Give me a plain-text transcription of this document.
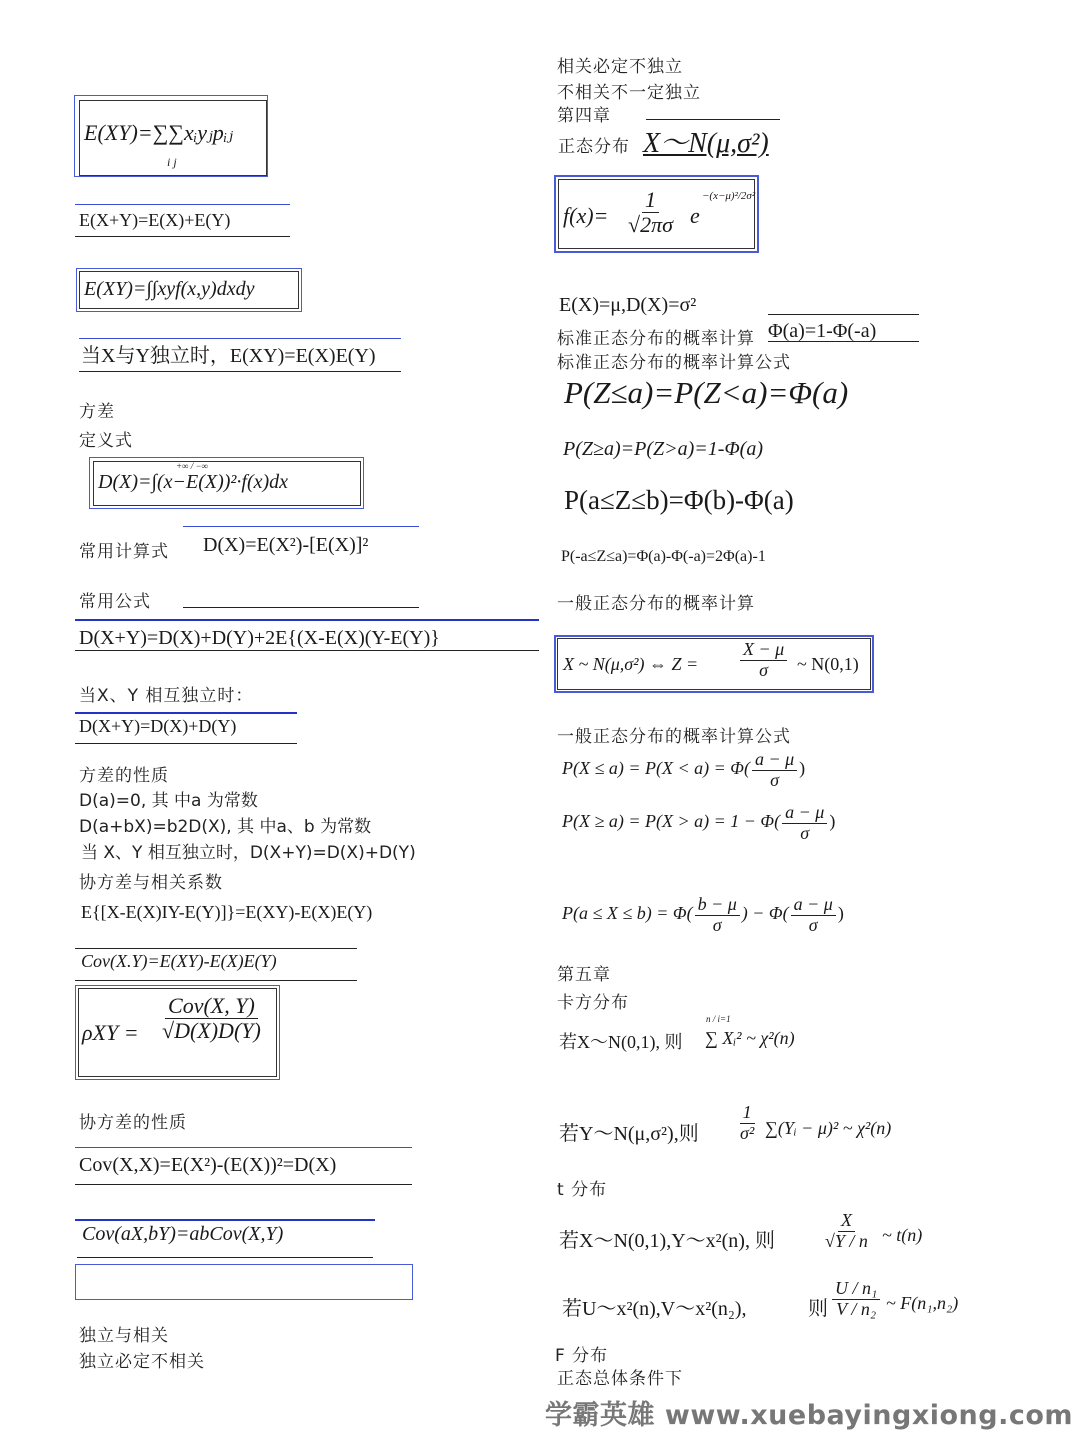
E(XY)=∑∑xᵢyⱼpᵢⱼ
i j
E(X+Y)=E(X)+E(Y)
E(XY)=∫∫xyf(x,y)dxdy
当X与Y独立时，E(XY)=E(X)E(Y)
方差
定义式
D(X)=∫(x−E(X))²·f(x)dx
+∞ / −∞
常用计算式 D(X)=E(X²)-[E(X)]²
常用公式
D(X+Y)=D(X)+D(Y)+2E{(X-E(X)(Y-E(Y)}
当X、Y 相互独立时：
D(X+Y)=D(X)+D(Y)
方差的性质
D(a)=0, 其 中a 为常数
D(a+bX)=b2D(X), 其 中a、b 为常数
当 X、Y 相互独立时，D(X+Y)=D(X)+D(Y)
协方差与相关系数
E{[X-E(X)IY-E(Y)]}=E(XY)-E(X)E(Y)
Cov(X.Y)=E(XY)-E(X)E(Y)
$\rho XY = \frac{\text{Cov(X, Y)}}{√D(X)D(Y)}$
协方差的性质
Cov(X,X)=E(X²)-(E(X))²=D(X)
Cov(aX,bY)=abCov(X,Y)
独立与相关
独立必定不相关
相关必定不独立
不相关不一定独立
第四章
正态分布 X～N(μ,σ²)
$f(x)= \frac{1}{√2\pi\sigma}$ e
−(x−μ)²/2σ²
E(X)=μ,D(X)=σ²
标准正态分布的概率计算 Φ(a)=1-Φ(-a)
标准正态分布的概率计算公式
P(Z≤a)=P(Z<a)=Φ(a)
P(Z≥a)=P(Z>a)=1-Φ(a)
P(a≤Z≤b)=Φ(b)-Φ(a)
P(-a≤Z≤a)=Φ(a)-Φ(-a)=2Φ(a)-1
一般正态分布的概率计算
X ~ N(μ,σ²) ⇔ $Z = \frac{X - \mu}{\sigma}$ ~ N(0,1)
一般正态分布的概率计算公式
$P(X \le a) = P(X < a) = \Phi( \frac{a - \mu}{\sigma}$ )
$P(X \ge a) = P(X > a) = 1 - \Phi( \frac{a - \mu}{\sigma}$ )
$P(a \le X \le b) = \Phi( \frac{b - \mu}{\sigma}$ ) − $\Phi( \frac{a - \mu}{\sigma}$ )
第五章
卡方分布
若X～N(0,1), 则 ∑ Xᵢ² ~ χ²(n)
n / i=1
若Y～N(μ,σ²),则 $\frac{1}{\text{σ²}}$ ∑(Yᵢ − μ)² ~ χ²(n)
t 分布
若X～N(0,1),Y～x²(n), 则	$\frac{X}{√Y / n}$ ~ t(n)
若U～x²(n),V～x²(n₂),	则 $\frac{\text{U / n₁}}{\text{V / n₂}}$ ~ F(n₁,n₂)
F 分布
正态总体条件下
学霸英雄 www.xuebayingxiong.com
